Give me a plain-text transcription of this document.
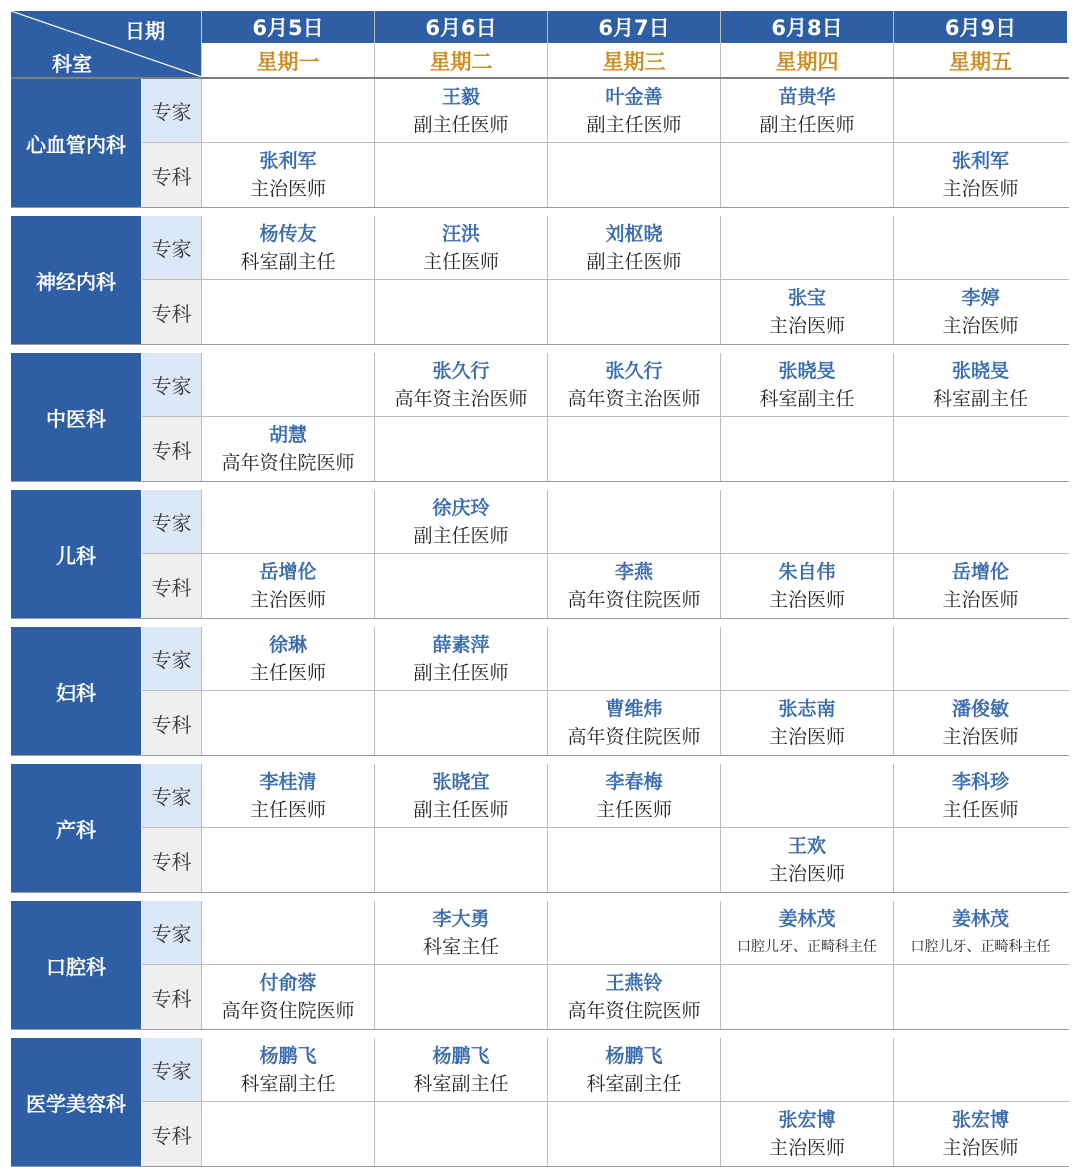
日期
科室
6月5日
星期一
6月6日
星期二
6月7日
星期三
6月8日
星期四
6月9日
星期五
心血管内科
专家
王毅
副主任医师
叶金善
副主任医师
苗贵华
副主任医师
专科
张利军
主治医师
张利军
主治医师
神经内科
专家
杨传友
科室副主任
汪洪
主任医师
刘枢晓
副主任医师
专科
张宝
主治医师
李婷
主治医师
中医科
专家
张久行
高年资主治医师
张久行
高年资主治医师
张晓旻
科室副主任
张晓旻
科室副主任
专科
胡慧
高年资住院医师
儿科
专家
徐庆玲
副主任医师
专科
岳增伦
主治医师
李燕
高年资住院医师
朱自伟
主治医师
岳增伦
主治医师
妇科
专家
徐琳
主任医师
薛素萍
副主任医师
专科
曹维炜
高年资住院医师
张志南
主治医师
潘俊敏
主治医师
产科
专家
李桂清
主任医师
张晓宜
副主任医师
李春梅
主任医师
李科珍
主任医师
专科
王欢
主治医师
口腔科
专家
李大勇
科室主任
姜林茂
口腔儿牙、正畸科主任
姜林茂
口腔儿牙、正畸科主任
专科
付俞蓉
高年资住院医师
王燕铃
高年资住院医师
医学美容科
专家
杨鹏飞
科室副主任
杨鹏飞
科室副主任
杨鹏飞
科室副主任
专科
张宏博
主治医师
张宏博
主治医师
